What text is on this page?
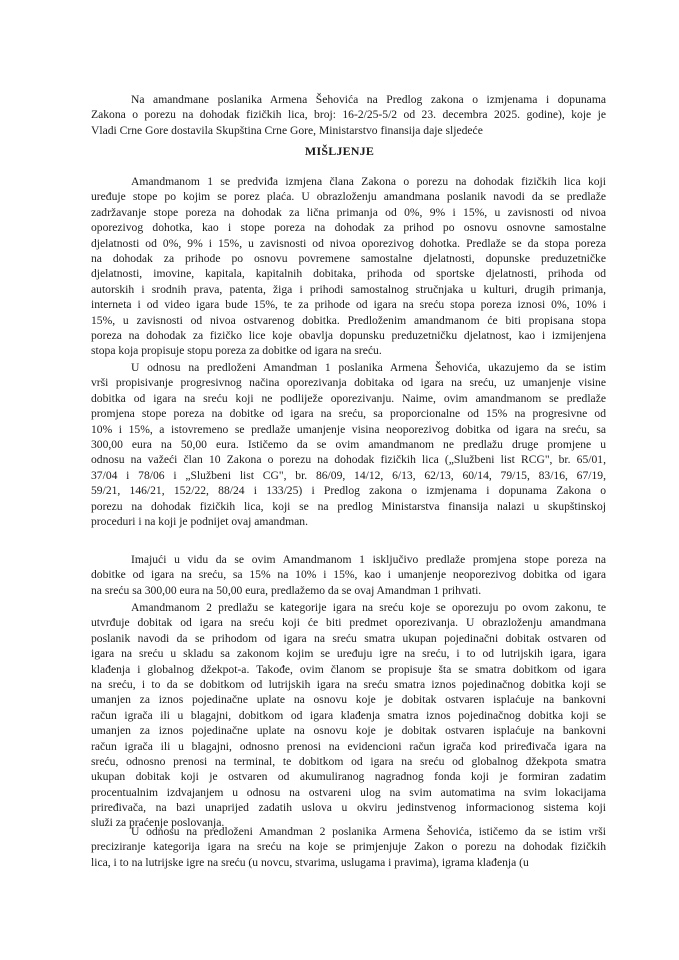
Na amandmane poslanika Armena Šehovića na Predlog zakona o izmjenama i dopunama
Zakona o porezu na dohodak fizičkih lica, broj: 16-2/25-5/2 od 23. decembra 2025. godine), koje je
Vladi Crne Gore dostavila Skupština Crne Gore, Ministarstvo finansija daje sljedeće
MIŠLJENJE
Amandmanom 1 se predviđa izmjena člana Zakona o porezu na dohodak fizičkih lica koji
uređuje stope po kojim se porez plaća. U obrazloženju amandmana poslanik navodi da se predlaže
zadržavanje stope poreza na dohodak za lična primanja od 0%, 9% i 15%, u zavisnosti od nivoa
oporezivog dohotka, kao i stope poreza na dohodak za prihod po osnovu osnovne samostalne
djelatnosti od 0%, 9% i 15%, u zavisnosti od nivoa oporezivog dohotka. Predlaže se da stopa poreza
na dohodak za prihode po osnovu povremene samostalne djelatnosti, dopunske preduzetničke
djelatnosti, imovine, kapitala, kapitalnih dobitaka, prihoda od sportske djelatnosti, prihoda od
autorskih i srodnih prava, patenta, žiga i prihodi samostalnog stručnjaka u kulturi, drugih primanja,
interneta i od video igara bude 15%, te za prihode od igara na sreću stopa poreza iznosi 0%, 10% i
15%, u zavisnosti od nivoa ostvarenog dobitka. Predloženim amandmanom će biti propisana stopa
poreza na dohodak za fizičko lice koje obavlja dopunsku preduzetničku djelatnost, kao i izmijenjena
stopa koja propisuje stopu poreza za dobitke od igara na sreću.
U odnosu na predloženi Amandman 1 poslanika Armena Šehovića, ukazujemo da se istim
vrši propisivanje progresivnog načina oporezivanja dobitaka od igara na sreću, uz umanjenje visine
dobitka od igara na sreću koji ne podliježe oporezivanju. Naime, ovim amandmanom se predlaže
promjena stope poreza na dobitke od igara na sreću, sa proporcionalne od 15% na progresivne od
10% i 15%, a istovremeno se predlaže umanjenje visina neoporezivog dobitka od igara na sreću, sa
300,00 eura na 50,00 eura. Ističemo da se ovim amandmanom ne predlažu druge promjene u
odnosu na važeći član 10 Zakona o porezu na dohodak fizičkih lica („Službeni list RCG", br. 65/01,
37/04 i 78/06 i „Službeni list CG", br. 86/09, 14/12, 6/13, 62/13, 60/14, 79/15, 83/16, 67/19,
59/21, 146/21, 152/22, 88/24 i 133/25) i Predlog zakona o izmjenama i dopunama Zakona o
porezu na dohodak fizičkih lica, koji se na predlog Ministarstva finansija nalazi u skupštinskoj
proceduri i na koji je podnijet ovaj amandman.
Imajući u vidu da se ovim Amandmanom 1 isključivo predlaže promjena stope poreza na
dobitke od igara na sreću, sa 15% na 10% i 15%, kao i umanjenje neoporezivog dobitka od igara
na sreću sa 300,00 eura na 50,00 eura, predlažemo da se ovaj Amandman 1 prihvati.
Amandmanom 2 predlažu se kategorije igara na sreću koje se oporezuju po ovom zakonu, te
utvrđuje dobitak od igara na sreću koji će biti predmet oporezivanja. U obrazloženju amandmana
poslanik navodi da se prihodom od igara na sreću smatra ukupan pojedinačni dobitak ostvaren od
igara na sreću u skladu sa zakonom kojim se uređuju igre na sreću, i to od lutrijskih igara, igara
klađenja i globalnog džekpot-a. Takođe, ovim članom se propisuje šta se smatra dobitkom od igara
na sreću, i to da se dobitkom od lutrijskih igara na sreću smatra iznos pojedinačnog dobitka koji se
umanjen za iznos pojedinačne uplate na osnovu koje je dobitak ostvaren isplaćuje na bankovni
račun igrača ili u blagajni, dobitkom od igara klađenja smatra iznos pojedinačnog dobitka koji se
umanjen za iznos pojedinačne uplate na osnovu koje je dobitak ostvaren isplaćuje na bankovni
račun igrača ili u blagajni, odnosno prenosi na evidencioni račun igrača kod priređivača igara na
sreću, odnosno prenosi na terminal, te dobitkom od igara na sreću od globalnog džekpota smatra
ukupan dobitak koji je ostvaren od akumuliranog nagradnog fonda koji je formiran zadatim
procentualnim izdvajanjem u odnosu na ostvareni ulog na svim automatima na svim lokacijama
priređivača, na bazi unaprijed zadatih uslova u okviru jedinstvenog informacionog sistema koji
služi za praćenje poslovanja.
U odnosu na predloženi Amandman 2 poslanika Armena Šehovića, ističemo da se istim vrši
preciziranje kategorija igara na sreću na koje se primjenjuje Zakon o porezu na dohodak fizičkih
lica, i to na lutrijske igre na sreću (u novcu, stvarima, uslugama i pravima), igrama klađenja (u
